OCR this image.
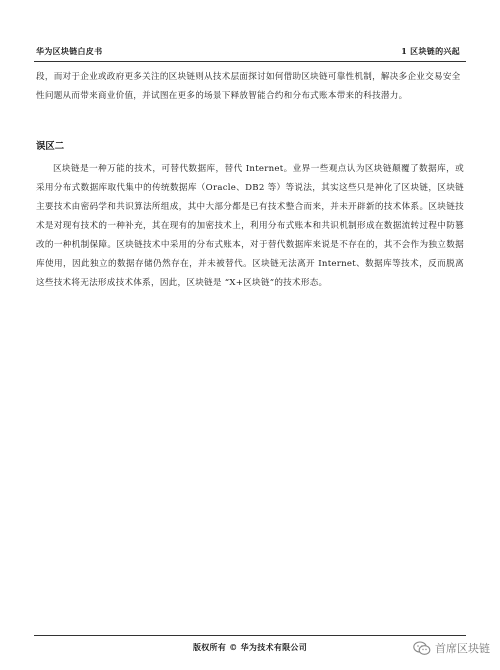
华为区块链白皮书	1 区块链的兴起
段，而对于企业或政府更多关注的区块链则从技术层面探讨如何借助区块链可靠性机制，解决多企业交易安全性问题从而带来商业价值，并试图在更多的场景下释放智能合约和分布式账本带来的科技潜力。
误区二
区块链是一种万能的技术，可替代数据库，替代 Internet。业界一些观点认为区块链颠覆了数据库，或采用分布式数据库取代集中的传统数据库（Oracle、DB2 等）等说法，其实这些只是神化了区块链，区块链主要技术由密码学和共识算法所组成，其中大部分都是已有技术整合而来，并未开辟新的技术体系。区块链技术是对现有技术的一种补充，其在现有的加密技术上，利用分布式账本和共识机制形成在数据流转过程中防篡改的一种机制保障。区块链技术中采用的分布式账本，对于替代数据库来说是不存在的，其不会作为独立数据库使用，因此独立的数据存储仍然存在，并未被替代。区块链无法离开 Internet、数据库等技术，反而脱离这些技术将无法形成技术体系，因此，区块链是 “X+区块链”的技术形态。
版权所有 © 华为技术有限公司	首席区块链
